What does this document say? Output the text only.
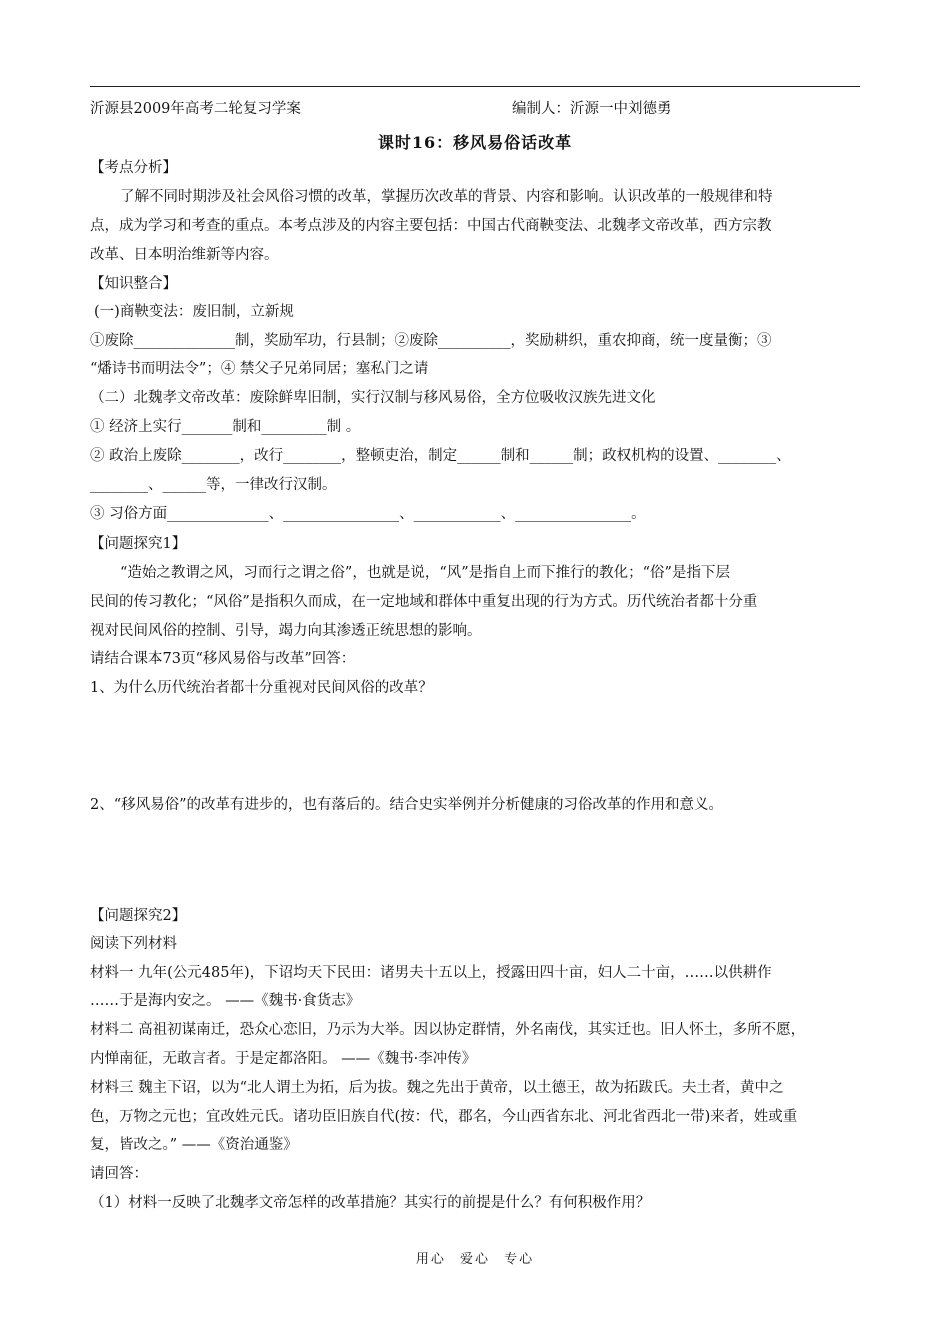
沂源县2009年高考二轮复习学案	编制人：沂源一中刘德勇
课时16：移风易俗话改革
【考点分析】
了解不同时期涉及社会风俗习惯的改革，掌握历次改革的背景、内容和影响。认识改革的一般规律和特
点，成为学习和考查的重点。本考点涉及的内容主要包括：中国古代商鞅变法、北魏孝文帝改革，西方宗教
改革、日本明治维新等内容。
【知识整合】
(一)商鞅变法：废旧制，立新规
①废除______________制，奖励军功，行县制；②废除__________，奖励耕织，重农抑商，统一度量衡；③
“燔诗书而明法令”；④ 禁父子兄弟同居；塞私门之请
（二）北魏孝文帝改革：废除鲜卑旧制，实行汉制与移风易俗，全方位吸收汉族先进文化
① 经济上实行_______制和_________制 。
② 政治上废除________，改行________，整顿吏治，制定______制和______制；政权机构的设置、________、
________、______等，一律改行汉制。
③ 习俗方面______________、________________、____________、________________。
【问题探究1】
“造始之教谓之风，习而行之谓之俗”，也就是说，“风”是指自上而下推行的教化；“俗”是指下层
民间的传习教化；“风俗”是指积久而成，在一定地域和群体中重复出现的行为方式。历代统治者都十分重
视对民间风俗的控制、引导，竭力向其渗透正统思想的影响。
请结合课本73页“移风易俗与改革”回答：
1、为什么历代统治者都十分重视对民间风俗的改革？
2、“移风易俗”的改革有进步的，也有落后的。结合史实举例并分析健康的习俗改革的作用和意义。
【问题探究2】
阅读下列材料
材料一 九年(公元485年)，下诏均天下民田：诸男夫十五以上，授露田四十亩，妇人二十亩，……以供耕作
……于是海内安之。 ——《魏书·食货志》
材料二 高祖初谋南迁，恐众心恋旧，乃示为大举。因以协定群情，外名南伐，其实迁也。旧人怀土，多所不愿，
内惮南征，无敢言者。于是定都洛阳。 ——《魏书·李冲传》
材料三 魏主下诏，以为“北人谓土为拓，后为拔。魏之先出于黄帝，以土德王，故为拓跋氏。夫土者，黄中之
色，万物之元也；宜改姓元氏。诸功臣旧族自代(按：代，郡名，今山西省东北、河北省西北一带)来者，姓或重
复，皆改之。” ——《资治通鉴》
请回答：
（1）材料一反映了北魏孝文帝怎样的改革措施？其实行的前提是什么？有何积极作用？
用心 爱心 专心
